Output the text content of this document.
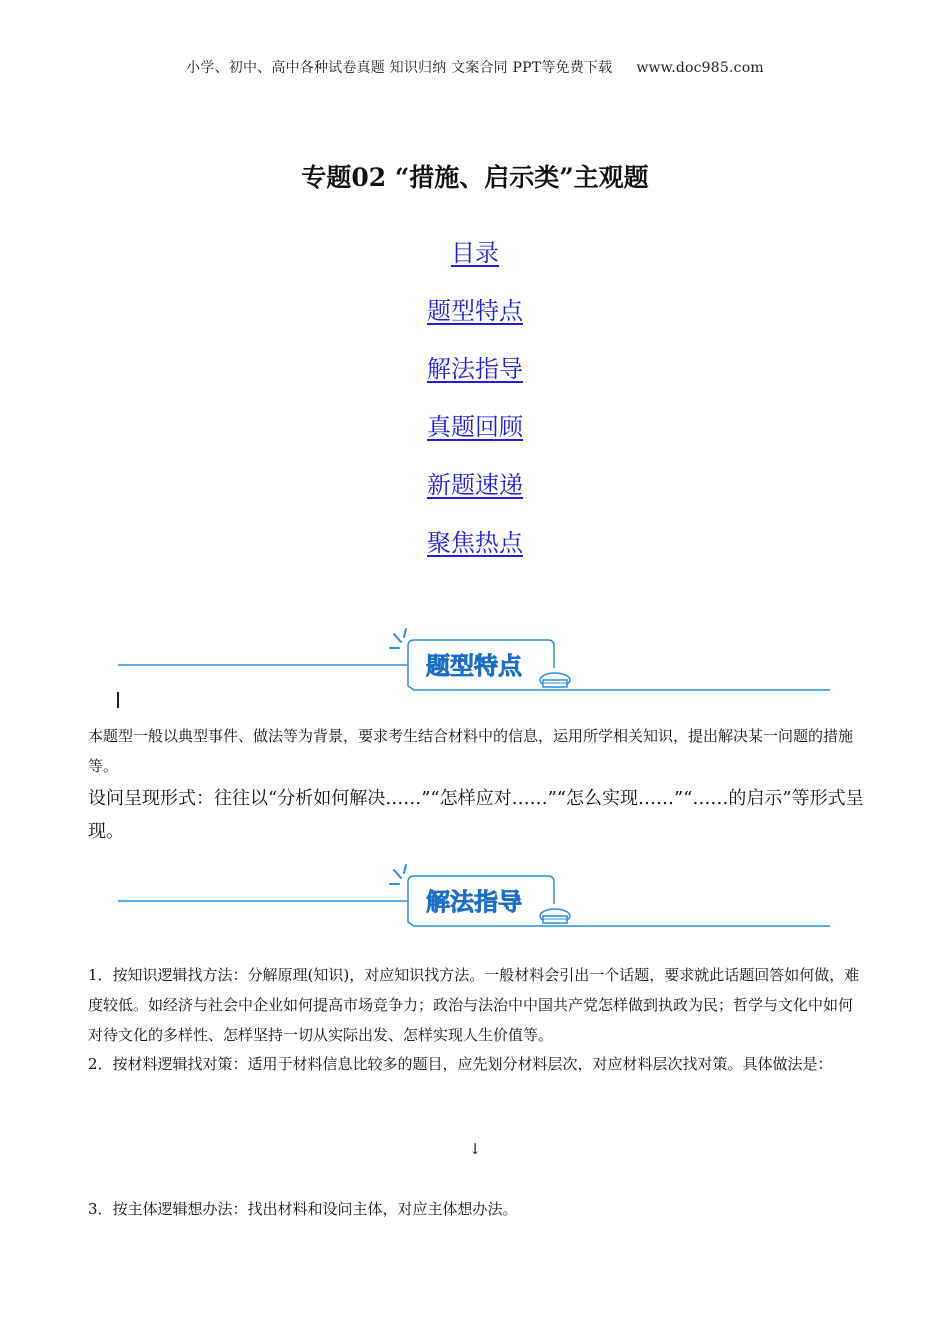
小学、初中、高中各种试卷真题 知识归纳 文案合同 PPT等免费下载 www.doc985.com
专题02 “措施、启示类”主观题
目录
题型特点
解法指导
真题回顾
新题速递
聚焦热点
题型特点
本题型一般以典型事件、做法等为背景，要求考生结合材料中的信息，运用所学相关知识，提出解决某一问题的措施等。
设问呈现形式：往往以“分析如何解决……”“怎样应对……”“怎么实现……”“……的启示”等形式呈现。
解法指导
1．按知识逻辑找方法：分解原理(知识)，对应知识找方法。一般材料会引出一个话题，要求就此话题回答如何做，难度较低。如经济与社会中企业如何提高市场竞争力；政治与法治中中国共产党怎样做到执政为民；哲学与文化中如何对待文化的多样性、怎样坚持一切从实际出发、怎样实现人生价值等。
2．按材料逻辑找对策：适用于材料信息比较多的题目，应先划分材料层次，对应材料层次找对策。具体做法是：
↓
3．按主体逻辑想办法：找出材料和设问主体，对应主体想办法。
